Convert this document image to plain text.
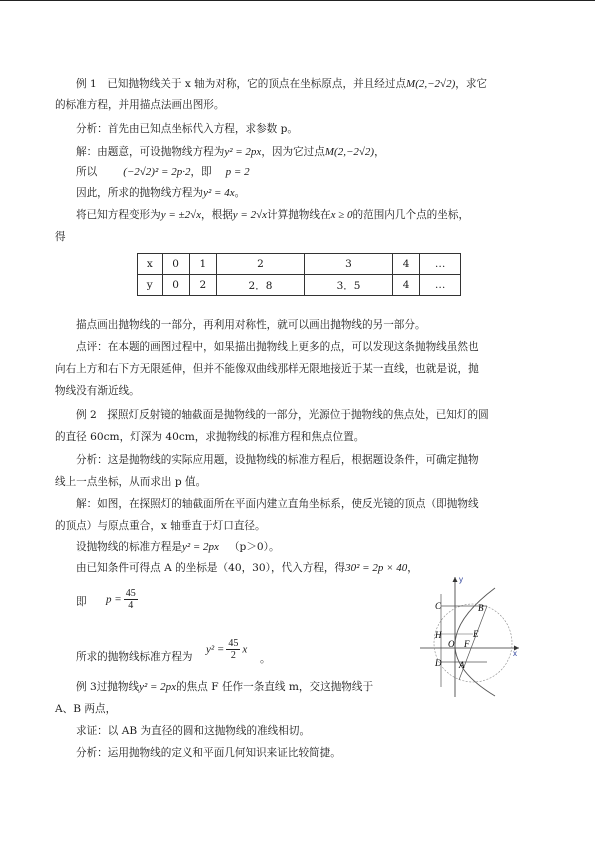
例 1　已知抛物线关于 x 轴为对称，它的顶点在坐标原点，并且经过点M(2,−2√2)，求它
的标准方程，并用描点法画出图形。
分析：首先由已知点坐标代入方程，求参数 p。
解：由题意，可设抛物线方程为y² = 2px，因为它过点M(2,−2√2)，
所以 (−2√2)² = 2p·2，即 p = 2
因此，所求的抛物线方程为y² = 4x。
将已知方程变形为y = ±2√x，根据y = 2√x计算抛物线在x ≥ 0的范围内几个点的坐标，
得
x	0	1	2	3	4	…
y	0	2	2．8	3．5	4	…
描点画出抛物线的一部分，再利用对称性，就可以画出抛物线的另一部分。
点评：在本题的画图过程中，如果描出抛物线上更多的点，可以发现这条抛物线虽然也
向右上方和右下方无限延伸，但并不能像双曲线那样无限地接近于某一直线，也就是说，抛
物线没有渐近线。
例 2　探照灯反射镜的轴截面是抛物线的一部分，光源位于抛物线的焦点处，已知灯的圆
的直径 60cm，灯深为 40cm，求抛物线的标准方程和焦点位置。
分析：这是抛物线的实际应用题，设抛物线的标准方程后，根据题设条件，可确定抛物
线上一点坐标，从而求出 p 值。
解：如图，在探照灯的轴截面所在平面内建立直角坐标系，使反光镜的顶点（即抛物线
的顶点）与原点重合，x 轴垂直于灯口直径。
设抛物线的标准方程是y² = 2px （p＞0）。
由已知条件可得点 A 的坐标是（40，30），代入方程，得30² = 2p × 40，
即 $p = \frac{45}{4}$
所求的抛物线标准方程为
$y^2 = \frac{45}{2}$ x
。
例 3过抛物线y² = 2px的焦点 F 任作一条直线 m，交这抛物线于
A、B 两点，
求证：以 AB 为直径的圆和这抛物线的准线相切。
分析：运用抛物线的定义和平面几何知识来证比较简捷。
C	B
H	E
O F
D A
x
y
